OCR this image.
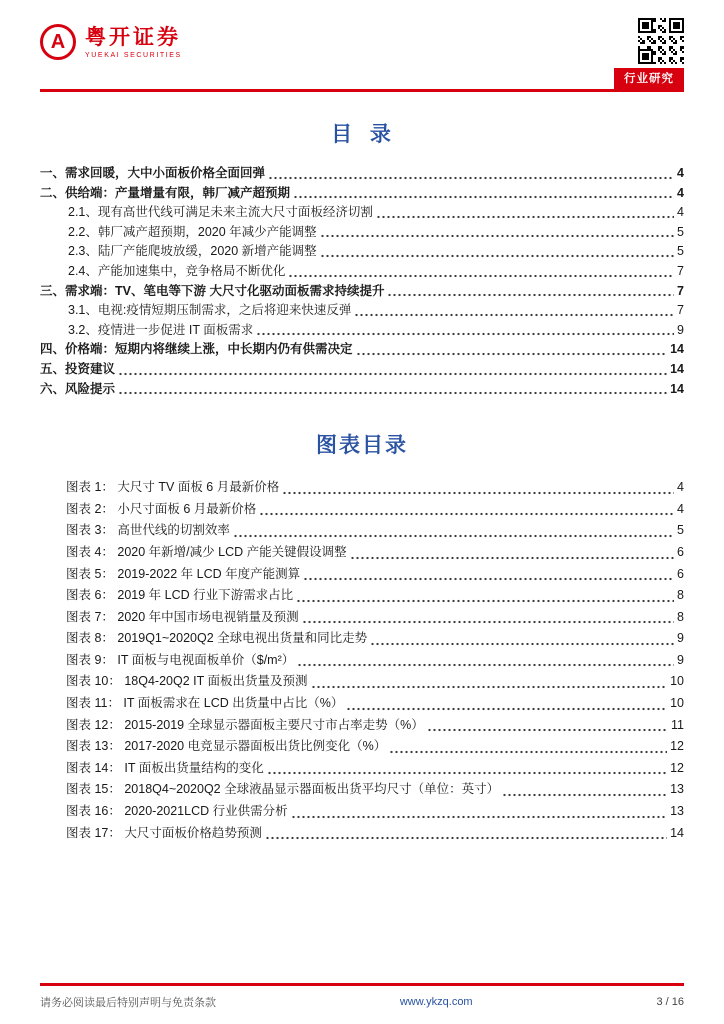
A 粤开证券
YUEKAI SECURITIES
行业研究
目  录
一、需求回暖，大中小面板价格全面回弹	4
二、供给端：产量增量有限，韩厂减产超预期	4
2.1、现有高世代线可满足未来主流大尺寸面板经济切割	4
2.2、韩厂减产超预期，2020 年减少产能调整	5
2.3、陆厂产能爬坡放缓，2020 新增产能调整	5
2.4、产能加速集中，竞争格局不断优化	7
三、需求端：TV、笔电等下游 大尺寸化驱动面板需求持续提升	7
3.1、电视:疫情短期压制需求，之后将迎来快速反弹	7
3.2、疫情进一步促进 IT 面板需求	9
四、价格端：短期内将继续上涨，中长期内仍有供需决定	14
五、投资建议	14
六、风险提示	14
图表目录
图表 1： 大尺寸 TV 面板 6 月最新价格	4
图表 2： 小尺寸面板 6 月最新价格	4
图表 3： 高世代线的切割效率	5
图表 4： 2020 年新增/减少 LCD 产能关键假设调整	6
图表 5： 2019-2022 年 LCD 年度产能测算	6
图表 6： 2019 年 LCD 行业下游需求占比	8
图表 7： 2020 年中国市场电视销量及预测	8
图表 8： 2019Q1~2020Q2 全球电视出货量和同比走势	9
图表 9： IT 面板与电视面板单价（$/m²）	9
图表 10： 18Q4-20Q2 IT 面板出货量及预测	10
图表 11： IT 面板需求在 LCD 出货量中占比（%）	10
图表 12： 2015-2019 全球显示器面板主要尺寸市占率走势（%）	11
图表 13： 2017-2020 电竞显示器面板出货比例变化（%）	12
图表 14： IT 面板出货量结构的变化	12
图表 15： 2018Q4~2020Q2 全球液晶显示器面板出货平均尺寸（单位：英寸）	13
图表 16： 2020-2021LCD 行业供需分析	13
图表 17： 大尺寸面板价格趋势预测	14
请务必阅读最后特别声明与免责条款	www.ykzq.com	3 / 16
